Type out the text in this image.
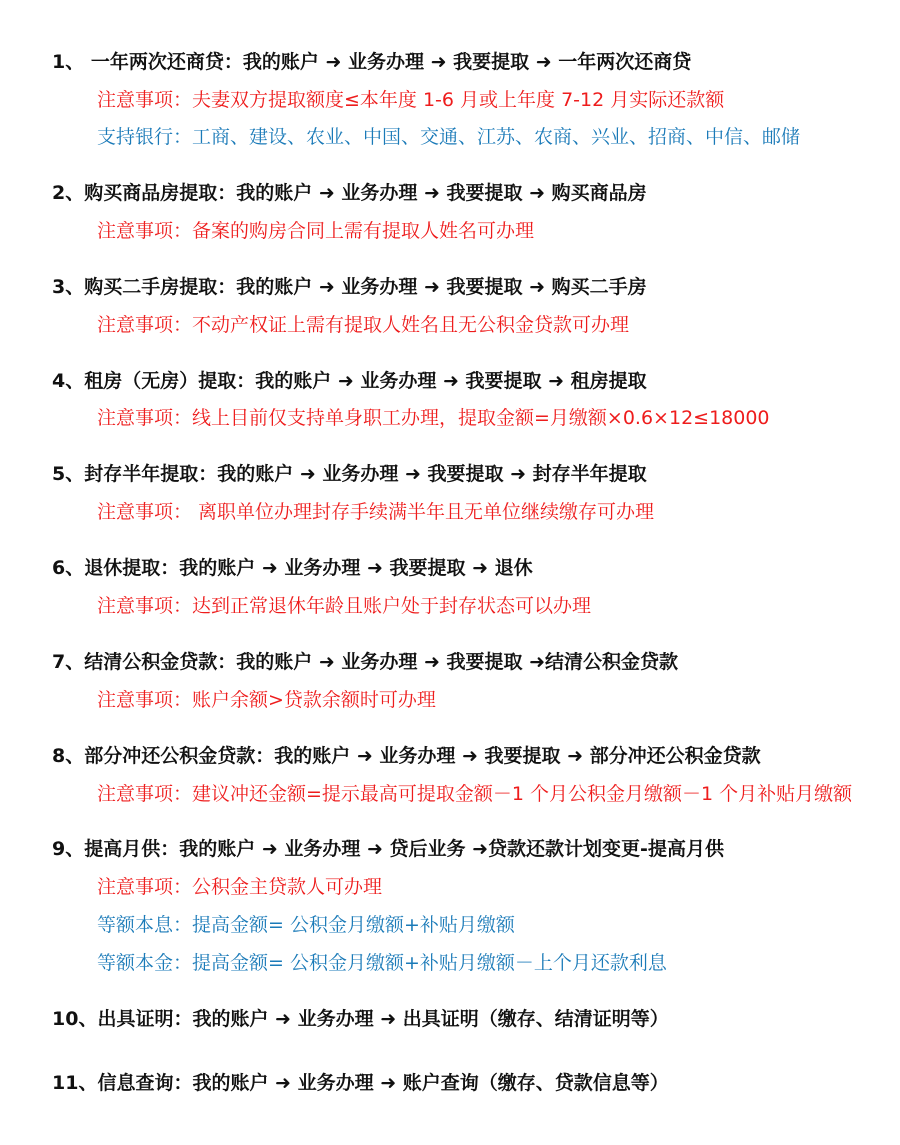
1、 一年两次还商贷：我的账户 ➜ 业务办理 ➜ 我要提取 ➜ 一年两次还商贷
注意事项：夫妻双方提取额度≤本年度 1-6 月或上年度 7-12 月实际还款额
支持银行：工商、建设、农业、中国、交通、江苏、农商、兴业、招商、中信、邮储
2、购买商品房提取：我的账户 ➜ 业务办理 ➜ 我要提取 ➜ 购买商品房
注意事项：备案的购房合同上需有提取人姓名可办理
3、购买二手房提取：我的账户 ➜ 业务办理 ➜ 我要提取 ➜ 购买二手房
注意事项：不动产权证上需有提取人姓名且无公积金贷款可办理
4、租房（无房）提取：我的账户 ➜ 业务办理 ➜ 我要提取 ➜ 租房提取
注意事项：线上目前仅支持单身职工办理，提取金额=月缴额×0.6×12≤18000
5、封存半年提取：我的账户 ➜ 业务办理 ➜ 我要提取 ➜ 封存半年提取
注意事项： 离职单位办理封存手续满半年且无单位继续缴存可办理
6、退休提取：我的账户 ➜ 业务办理 ➜ 我要提取 ➜ 退休
注意事项：达到正常退休年龄且账户处于封存状态可以办理
7、结清公积金贷款：我的账户 ➜ 业务办理 ➜ 我要提取 ➜结清公积金贷款
注意事项：账户余额>贷款余额时可办理
8、部分冲还公积金贷款：我的账户 ➜ 业务办理 ➜ 我要提取 ➜ 部分冲还公积金贷款
注意事项：建议冲还金额=提示最高可提取金额－1 个月公积金月缴额－1 个月补贴月缴额
9、提高月供：我的账户 ➜ 业务办理 ➜ 贷后业务 ➜贷款还款计划变更-提高月供
注意事项：公积金主贷款人可办理
等额本息：提高金额= 公积金月缴额+补贴月缴额
等额本金：提高金额= 公积金月缴额+补贴月缴额－上个月还款利息
10、出具证明：我的账户 ➜ 业务办理 ➜ 出具证明（缴存、结清证明等）
11、信息查询：我的账户 ➜ 业务办理 ➜ 账户查询（缴存、贷款信息等）
